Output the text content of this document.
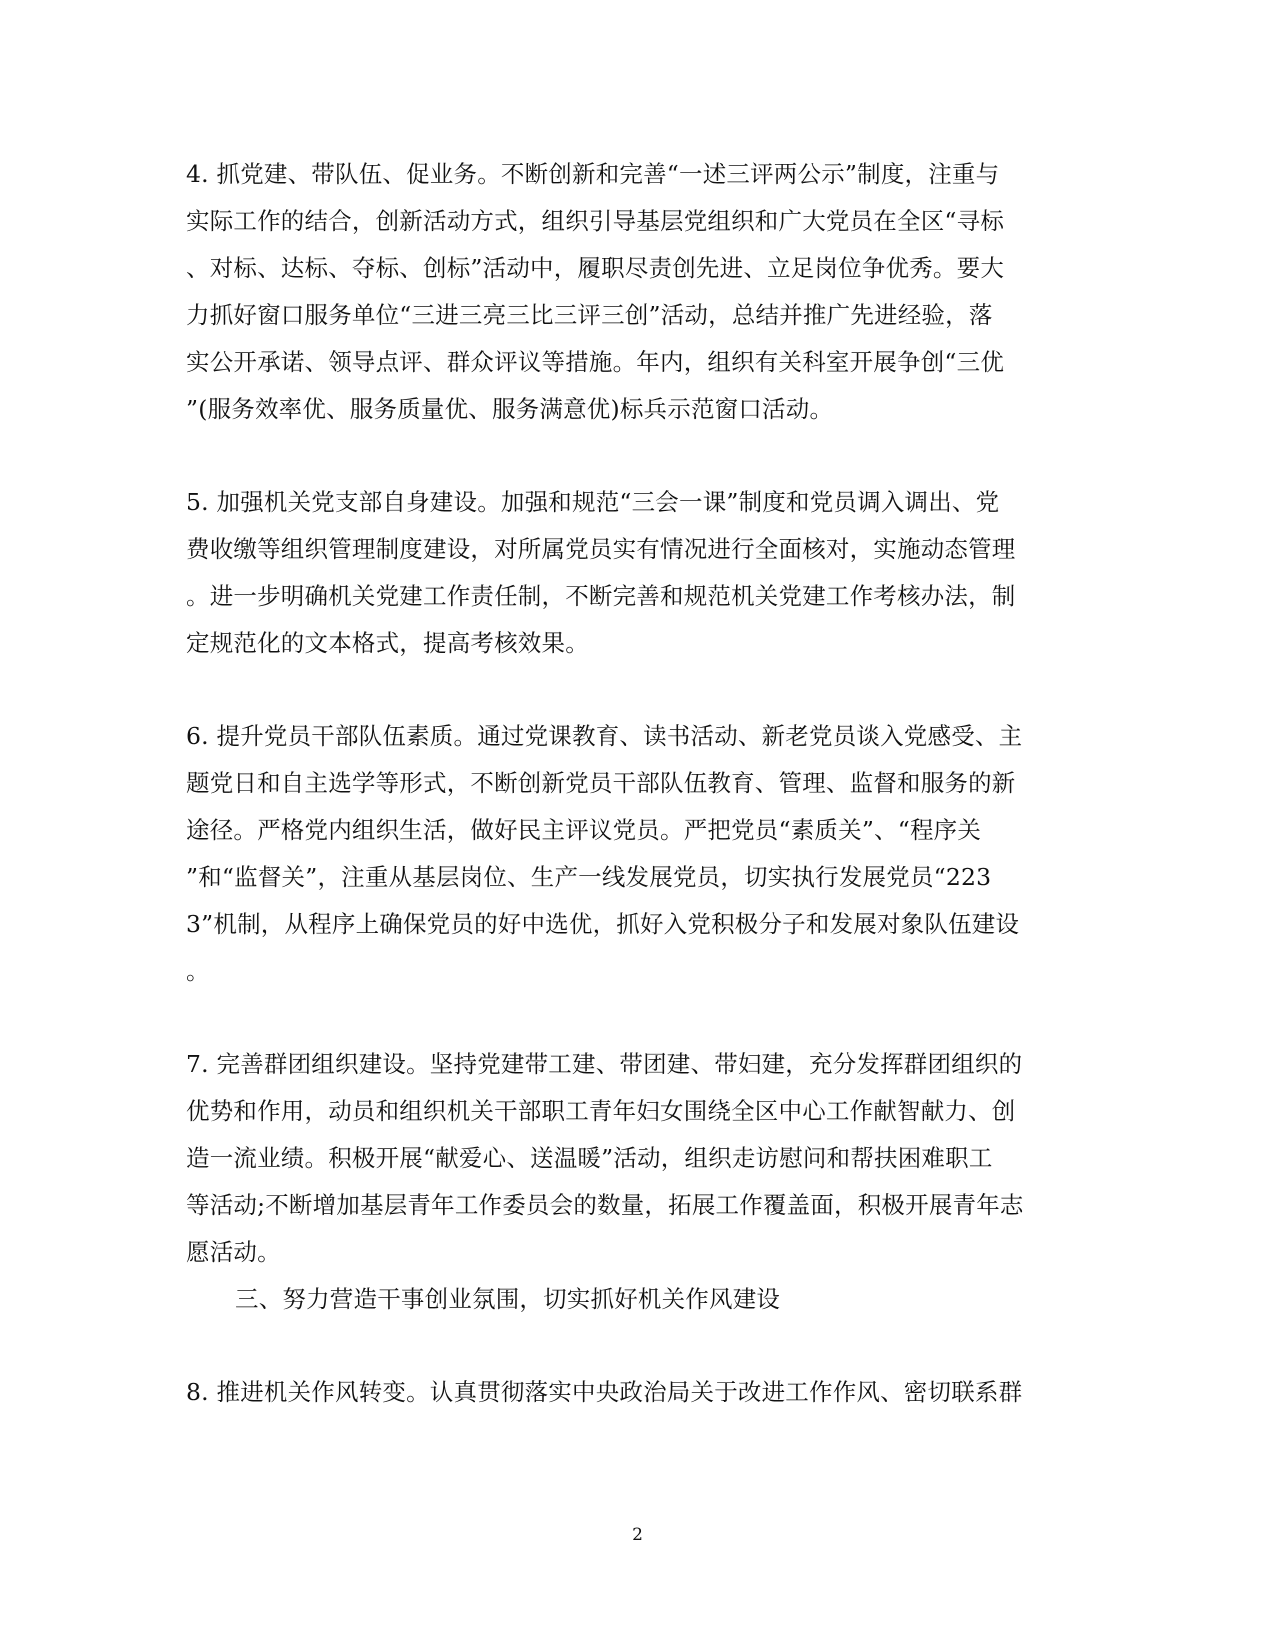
4. 抓党建、带队伍、促业务。不断创新和完善“一述三评两公示”制度，注重与
实际工作的结合，创新活动方式，组织引导基层党组织和广大党员在全区“寻标
、对标、达标、夺标、创标”活动中，履职尽责创先进、立足岗位争优秀。要大
力抓好窗口服务单位“三进三亮三比三评三创”活动，总结并推广先进经验，落
实公开承诺、领导点评、群众评议等措施。年内，组织有关科室开展争创“三优
”(服务效率优、服务质量优、服务满意优)标兵示范窗口活动。
5. 加强机关党支部自身建设。加强和规范“三会一课”制度和党员调入调出、党
费收缴等组织管理制度建设，对所属党员实有情况进行全面核对，实施动态管理
。进一步明确机关党建工作责任制，不断完善和规范机关党建工作考核办法，制
定规范化的文本格式，提高考核效果。
6. 提升党员干部队伍素质。通过党课教育、读书活动、新老党员谈入党感受、主
题党日和自主选学等形式，不断创新党员干部队伍教育、管理、监督和服务的新
途径。严格党内组织生活，做好民主评议党员。严把党员“素质关”、“程序关
”和“监督关”，注重从基层岗位、生产一线发展党员，切实执行发展党员“223
3”机制，从程序上确保党员的好中选优，抓好入党积极分子和发展对象队伍建设
。
7. 完善群团组织建设。坚持党建带工建、带团建、带妇建，充分发挥群团组织的
优势和作用，动员和组织机关干部职工青年妇女围绕全区中心工作献智献力、创
造一流业绩。积极开展“献爱心、送温暖”活动，组织走访慰问和帮扶困难职工
等活动;不断增加基层青年工作委员会的数量，拓展工作覆盖面，积极开展青年志
愿活动。
三、努力营造干事创业氛围，切实抓好机关作风建设
8. 推进机关作风转变。认真贯彻落实中央政治局关于改进工作作风、密切联系群
2
